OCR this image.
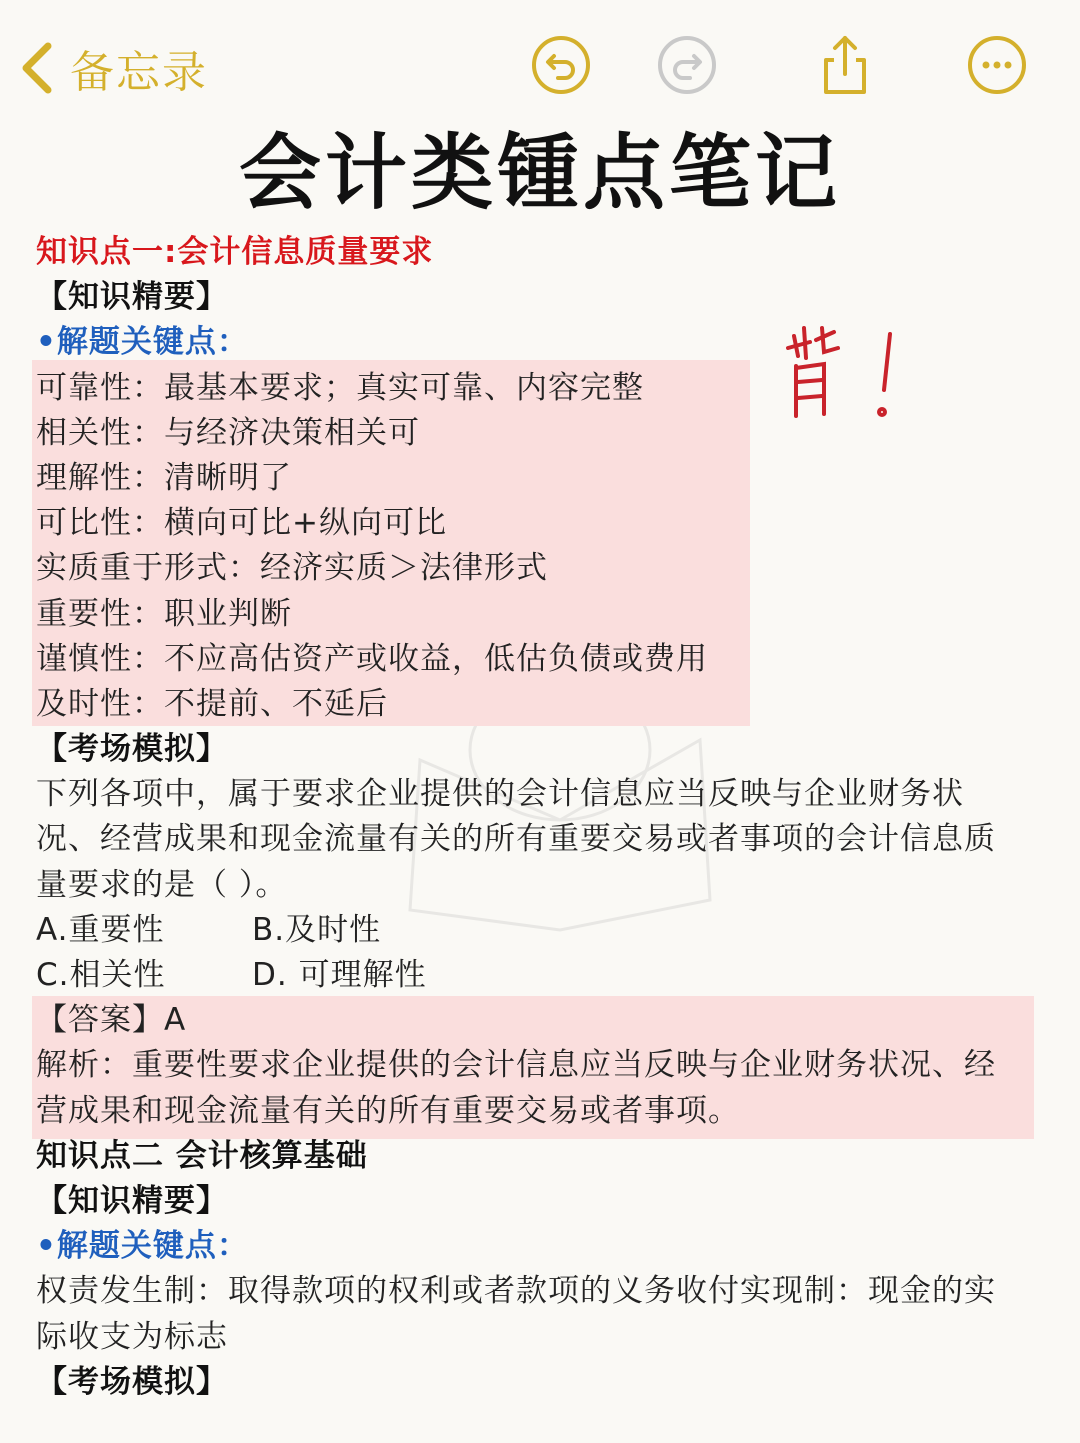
备忘录
会计类锺点笔记
知识点一:会计信息质量要求
【知识精要】
•解题关键点：
可靠性：最基本要求；真实可靠、内容完整
相关性：与经济决策相关可
理解性：清晰明了
可比性：横向可比+纵向可比
实质重于形式：经济实质＞法律形式
重要性：职业判断
谨慎性：不应高估资产或收益，低估负债或费用
及时性：不提前、不延后
【考场模拟】
下列各项中，属于要求企业提供的会计信息应当反映与企业财务状
况、经营成果和现金流量有关的所有重要交易或者事项的会计信息质
量要求的是（ ）。
A.重要性	B.及时性
C.相关性	D. 可理解性
【答案】A
解析：重要性要求企业提供的会计信息应当反映与企业财务状况、经
营成果和现金流量有关的所有重要交易或者事项。
知识点二 会计核算基础
【知识精要】
•解题关键点：
权责发生制：取得款项的权利或者款项的义务收付实现制：现金的实
际收支为标志
【考场模拟】
